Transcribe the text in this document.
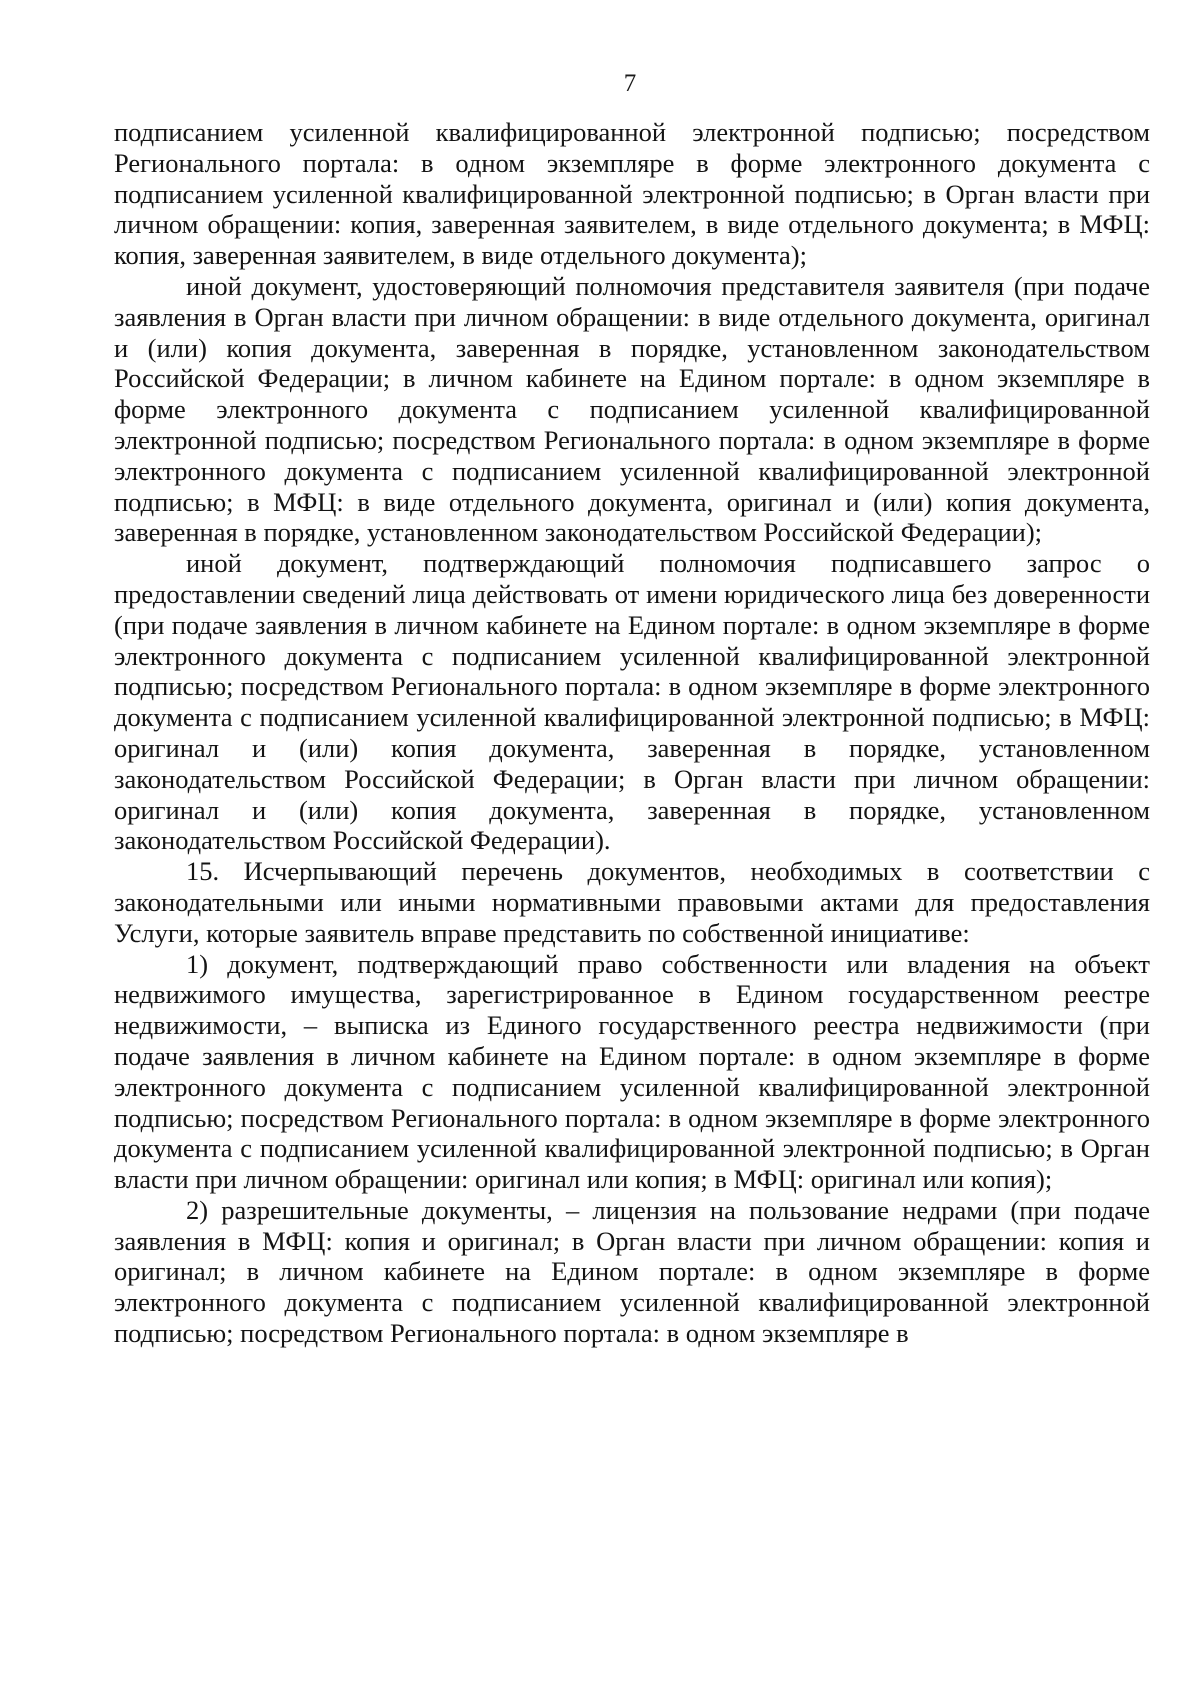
7

подписанием усиленной квалифицированной электронной подписью; посредством Регионального портала: в одном экземпляре в форме электронного документа с подписанием усиленной квалифицированной электронной подписью; в Орган власти при личном обращении: копия, заверенная заявителем, в виде отдельного документа; в МФЦ: копия, заверенная заявителем, в виде отдельного документа);

иной документ, удостоверяющий полномочия представителя заявителя (при подаче заявления в Орган власти при личном обращении: в виде отдельного документа, оригинал и (или) копия документа, заверенная в порядке, установленном законодательством Российской Федерации; в личном кабинете на Едином портале: в одном экземпляре в форме электронного документа с подписанием усиленной квалифицированной электронной подписью; посредством Регионального портала: в одном экземпляре в форме электронного документа с подписанием усиленной квалифицированной электронной подписью; в МФЦ: в виде отдельного документа, оригинал и (или) копия документа, заверенная в порядке, установленном законодательством Российской Федерации);

иной документ, подтверждающий полномочия подписавшего запрос о предоставлении сведений лица действовать от имени юридического лица без доверенности (при подаче заявления в личном кабинете на Едином портале: в одном экземпляре в форме электронного документа с подписанием усиленной квалифицированной электронной подписью; посредством Регионального портала: в одном экземпляре в форме электронного документа с подписанием усиленной квалифицированной электронной подписью; в МФЦ: оригинал и (или) копия документа, заверенная в порядке, установленном законодательством Российской Федерации; в Орган власти при личном обращении: оригинал и (или) копия документа, заверенная в порядке, установленном законодательством Российской Федерации).

15. Исчерпывающий перечень документов, необходимых в соответствии с законодательными или иными нормативными правовыми актами для предоставления Услуги, которые заявитель вправе представить по собственной инициативе:

1) документ, подтверждающий право собственности или владения на объект недвижимого имущества, зарегистрированное в Едином государственном реестре недвижимости, – выписка из Единого государственного реестра недвижимости (при подаче заявления в личном кабинете на Едином портале: в одном экземпляре в форме электронного документа с подписанием усиленной квалифицированной электронной подписью; посредством Регионального портала: в одном экземпляре в форме электронного документа с подписанием усиленной квалифицированной электронной подписью; в Орган власти при личном обращении: оригинал или копия; в МФЦ: оригинал или копия);

2) разрешительные документы, – лицензия на пользование недрами (при подаче заявления в МФЦ: копия и оригинал; в Орган власти при личном обращении: копия и оригинал; в личном кабинете на Едином портале: в одном экземпляре в форме электронного документа с подписанием усиленной квалифицированной электронной подписью; посредством Регионального портала: в одном экземпляре в
